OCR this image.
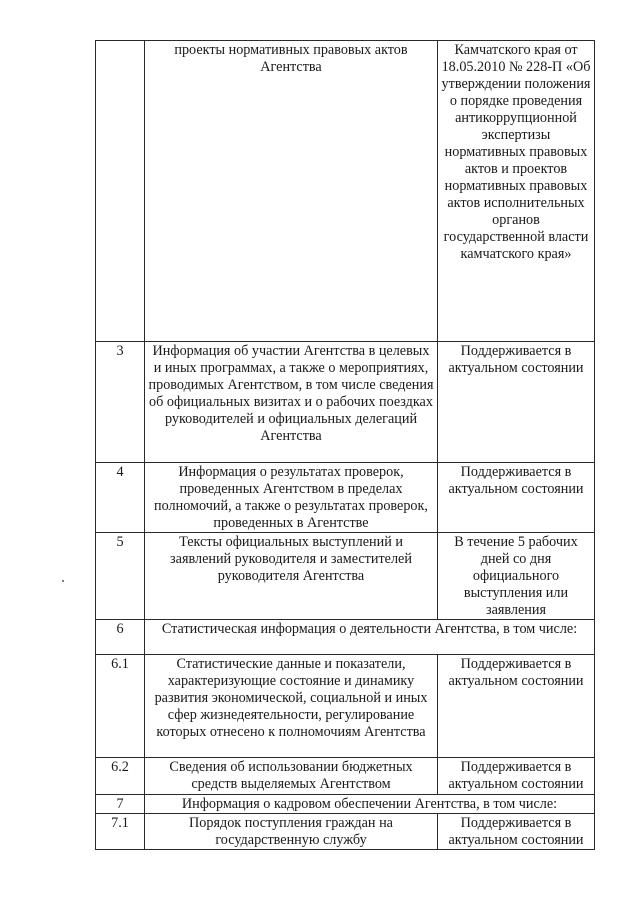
	проекты нормативных правовых актов Агентства	Камчатского края от 18.05.2010 № 228-П «Об утверждении положения о порядке проведения антикоррупционной экспертизы нормативных правовых актов и проектов нормативных правовых актов исполнительных органов государственной власти камчатского края»
3	Информация об участии Агентства в целевых и иных программах, а также о мероприятиях, проводимых Агентством, в том числе сведения об официальных визитах и о рабочих поездках руководителей и официальных делегаций Агентства	Поддерживается в актуальном состоянии
4	Информация о результатах проверок, проведенных Агентством в пределах полномочий, а также о результатах проверок, проведенных в Агентстве	Поддерживается в актуальном состоянии
5	Тексты официальных выступлений и заявлений руководителя и заместителей руководителя Агентства	В течение 5 рабочих дней со дня официального выступления или заявления
6	Статистическая информация о деятельности Агентства, в том числе:	
6.1	Статистические данные и показатели, характеризующие состояние и динамику развития экономической, социальной и иных сфер жизнедеятельности, регулирование которых отнесено к полномочиям Агентства	Поддерживается в актуальном состоянии
6.2	Сведения об использовании бюджетных средств выделяемых Агентством	Поддерживается в актуальном состоянии
7	Информация о кадровом обеспечении Агентства, в том числе:	
7.1	Порядок поступления граждан на государственную службу	Поддерживается в актуальном состоянии
